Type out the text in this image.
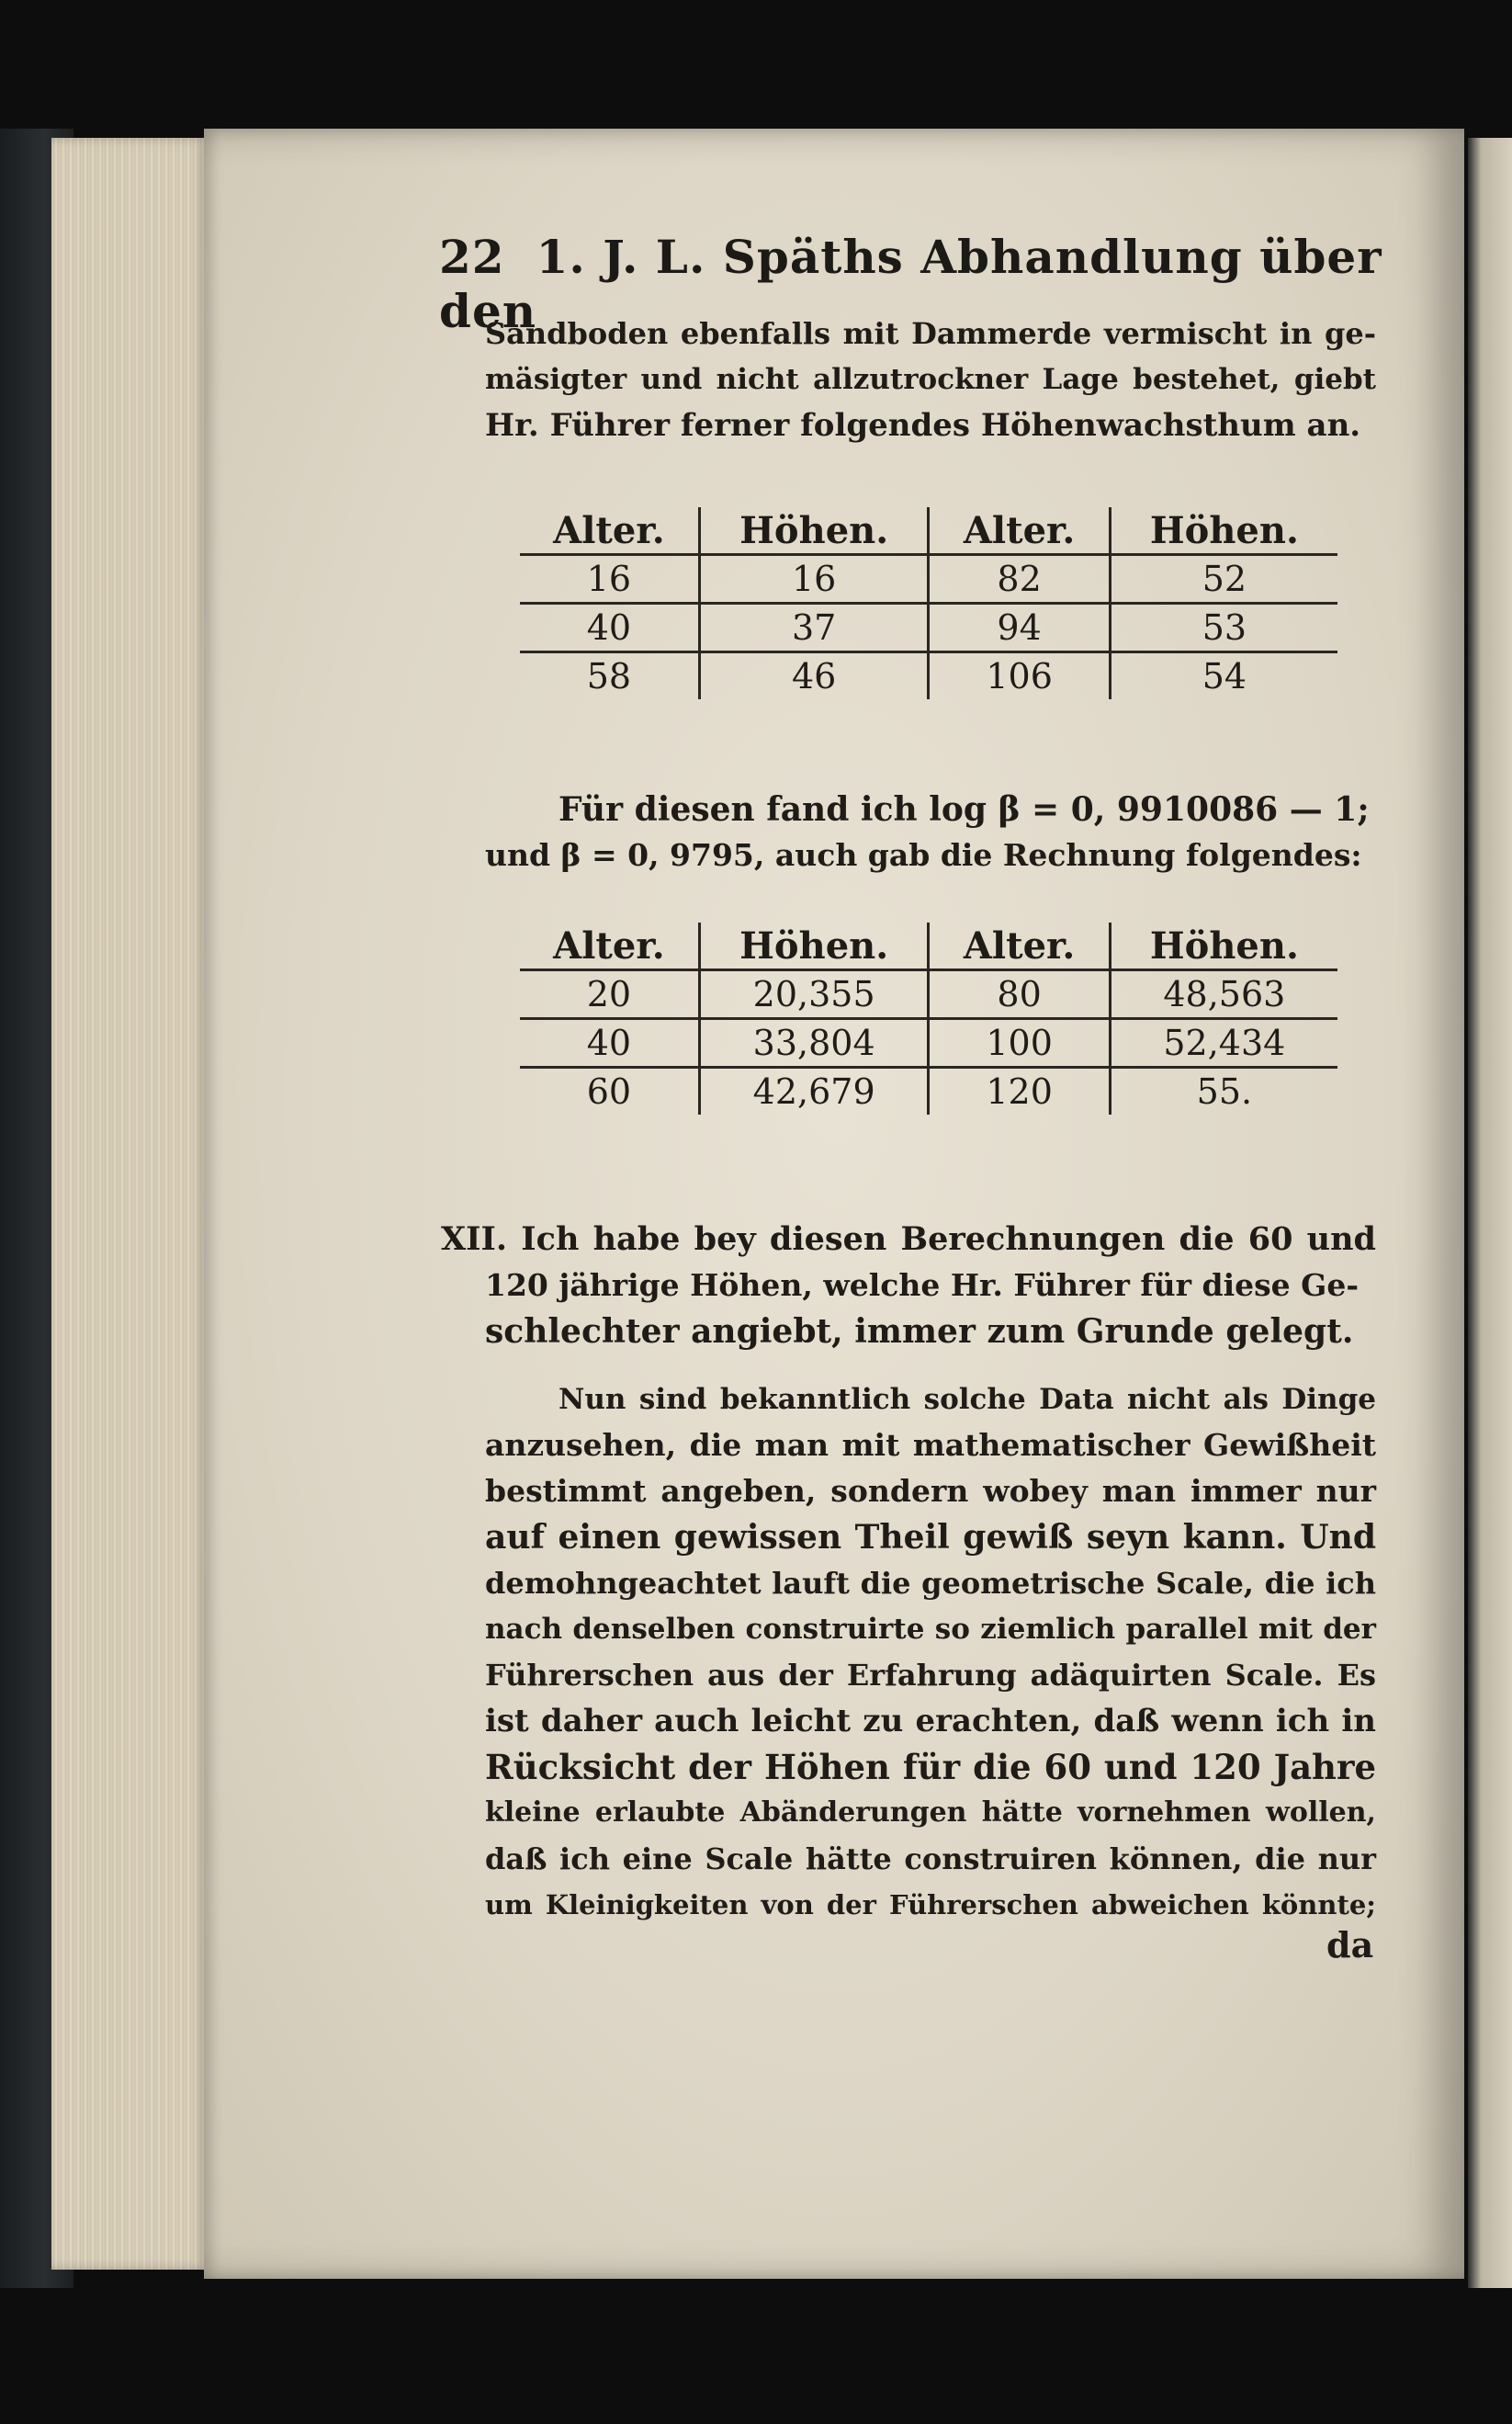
22 1. J. L. Späths Abhandlung über den
Sandboden ebenfalls mit Dammerde vermischt in ge-
mäsigter und nicht allzutrockner Lage bestehet, giebt
Hr. Führer ferner folgendes Höhenwachsthum an.
Alter.	Höhen.	Alter.	Höhen.
16	16	82	52
40	37	94	53
58	46	106	54
Für diesen fand ich log β = 0, 9910086 — 1;
und β = 0, 9795, auch gab die Rechnung folgendes:
Alter.	Höhen.	Alter.	Höhen.
20	20,355	80	48,563
40	33,804	100	52,434
60	42,679	120	55.
XII. Ich habe bey diesen Berechnungen die 60 und
120 jährige Höhen, welche Hr. Führer für diese Ge-
schlechter angiebt, immer zum Grunde gelegt.
Nun sind bekanntlich solche Data nicht als Dinge
anzusehen, die man mit mathematischer Gewißheit
bestimmt angeben, sondern wobey man immer nur
auf einen gewissen Theil gewiß seyn kann. Und
demohngeachtet lauft die geometrische Scale, die ich
nach denselben construirte so ziemlich parallel mit der
Führerschen aus der Erfahrung adäquirten Scale. Es
ist daher auch leicht zu erachten, daß wenn ich in
Rücksicht der Höhen für die 60 und 120 Jahre
kleine erlaubte Abänderungen hätte vornehmen wollen,
daß ich eine Scale hätte construiren können, die nur
um Kleinigkeiten von der Führerschen abweichen könnte;
da
